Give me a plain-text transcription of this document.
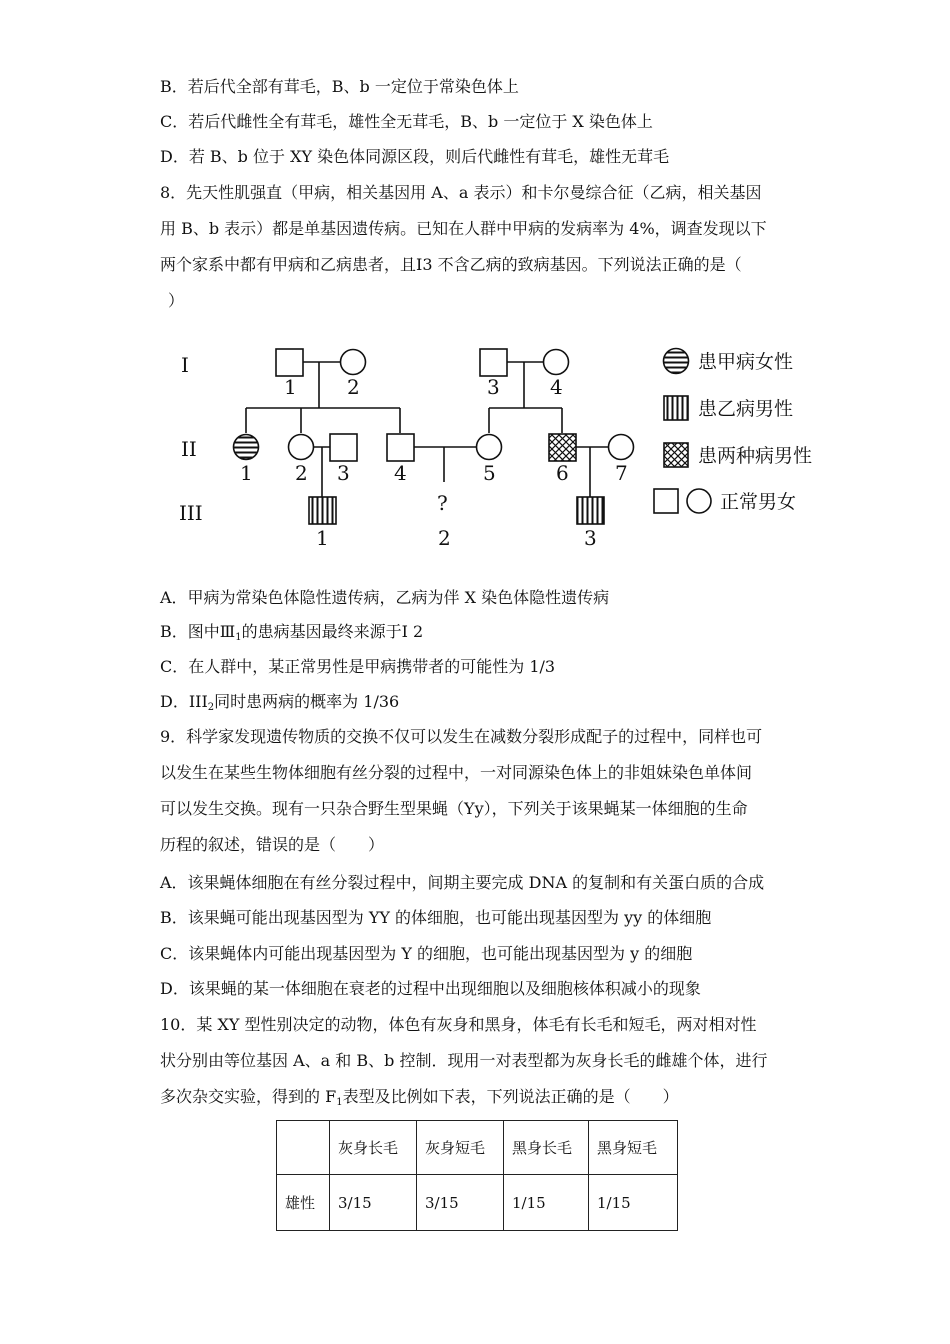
B．若后代全部有茸毛，B、b 一定位于常染色体上
C．若后代雌性全有茸毛，雄性全无茸毛，B、b 一定位于 X 染色体上
D．若 B、b 位于 XY 染色体同源区段，则后代雌性有茸毛，雄性无茸毛
8．先天性肌强直（甲病，相关基因用 A、a 表示）和卡尔曼综合征（乙病，相关基因
用 B、b 表示）都是单基因遗传病。已知在人群中甲病的发病率为 4%，调查发现以下
两个家系中都有甲病和乙病患者，且Ⅰ3 不含乙病的致病基因。下列说法正确的是（
）
I
II
III
1	2	3	4
1 2 3 4	5	6 7
?
1	2	3
患甲病女性
患乙病男性
患两种病男性
正常男女
A．甲病为常染色体隐性遗传病，乙病为伴 X 染色体隐性遗传病
B．图中$Ⅲ_1$的患病基因最终来源于Ⅰ 2
C．在人群中，某正常男性是甲病携带者的可能性为 1/3
D．$III_2$同时患两病的概率为 1/36
9．科学家发现遗传物质的交换不仅可以发生在减数分裂形成配子的过程中，同样也可
以发生在某些生物体细胞有丝分裂的过程中，一对同源染色体上的非姐妹染色单体间
可以发生交换。现有一只杂合野生型果蝇（Yy），下列关于该果蝇某一体细胞的生命
历程的叙述，错误的是（　　）
A．该果蝇体细胞在有丝分裂过程中，间期主要完成 DNA 的复制和有关蛋白质的合成
B．该果蝇可能出现基因型为 YY 的体细胞，也可能出现基因型为 yy 的体细胞
C．该果蝇体内可能出现基因型为 Y 的细胞，也可能出现基因型为 y 的细胞
D．该果蝇的某一体细胞在衰老的过程中出现细胞以及细胞核体积减小的现象
10．某 XY 型性别决定的动物，体色有灰身和黑身，体毛有长毛和短毛，两对相对性
状分别由等位基因 A、a 和 B、b 控制．现用一对表型都为灰身长毛的雌雄个体，进行
多次杂交实验，得到的 $F_1$表型及比例如下表，下列说法正确的是（　　）
	灰身长毛	灰身短毛	黑身长毛	黑身短毛
雄性	3/15	3/15	1/15	1/15
